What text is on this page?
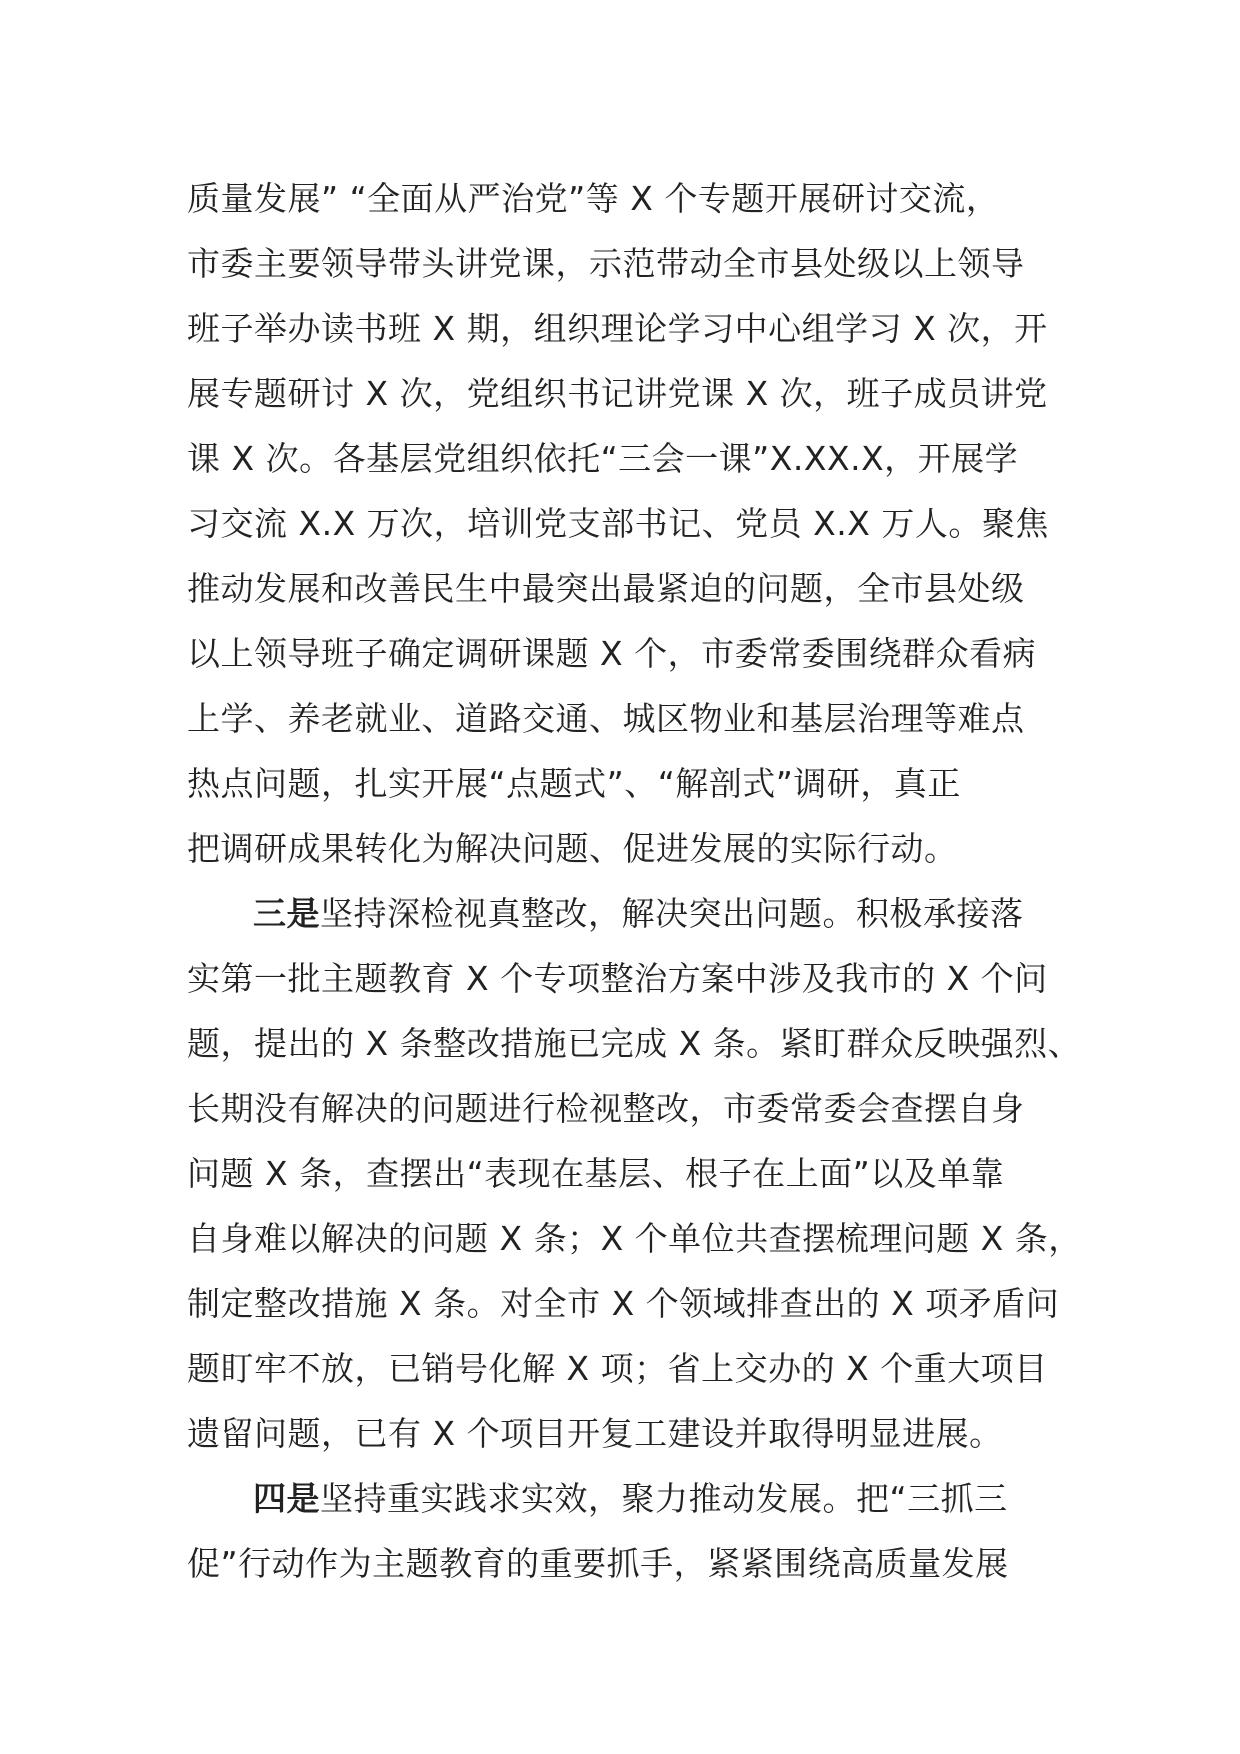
质量发展” “全面从严治党”等 X 个专题开展研讨交流，
市委主要领导带头讲党课，示范带动全市县处级以上领导
班子举办读书班 X 期，组织理论学习中心组学习 X 次，开
展专题研讨 X 次，党组织书记讲党课 X 次，班子成员讲党
课 X 次。各基层党组织依托“三会一课”X.XX.X，开展学
习交流 X.X 万次，培训党支部书记、党员 X.X 万人。聚焦
推动发展和改善民生中最突出最紧迫的问题，全市县处级
以上领导班子确定调研课题 X 个，市委常委围绕群众看病
上学、养老就业、道路交通、城区物业和基层治理等难点
热点问题，扎实开展“点题式”、“解剖式”调研，真正
把调研成果转化为解决问题、促进发展的实际行动。
三是坚持深检视真整改，解决突出问题。积极承接落
实第一批主题教育 X 个专项整治方案中涉及我市的 X 个问
题，提出的 X 条整改措施已完成 X 条。紧盯群众反映强烈、
长期没有解决的问题进行检视整改，市委常委会查摆自身
问题 X 条，查摆出“表现在基层、根子在上面”以及单靠
自身难以解决的问题 X 条；X 个单位共查摆梳理问题 X 条，
制定整改措施 X 条。对全市 X 个领域排查出的 X 项矛盾问
题盯牢不放，已销号化解 X 项；省上交办的 X 个重大项目
遗留问题，已有 X 个项目开复工建设并取得明显进展。
四是坚持重实践求实效，聚力推动发展。把“三抓三
促”行动作为主题教育的重要抓手，紧紧围绕高质量发展
